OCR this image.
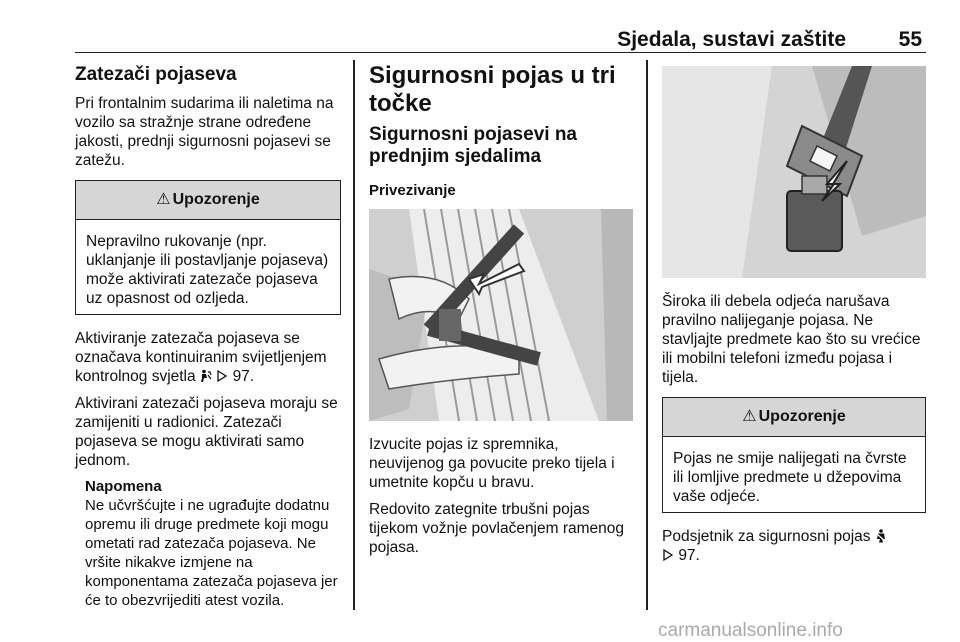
Sjedala, sustavi zaštite	55
Zatezači pojaseva

Pri frontalnim sudarima ili naletima na vozilo sa stražnje strane određene jakosti, prednji sigurnosni pojasevi se zatežu.

⚠ Upozorenje

Nepravilno rukovanje (npr. uklanjanje ili postavljanje pojaseva) može aktivirati zatezače pojaseva uz opasnost od ozljeda.

Aktiviranje zatezača pojaseva se označava kontinuiranim svijetljenjem kontrolnog svjetla 97.

Aktivirani zatezači pojaseva moraju se zamijeniti u radionici. Zatezači pojaseva se mogu aktivirati samo jednom.

Napomena

Ne učvršćujte i ne ugrađujte dodatnu opremu ili druge predmete koji mogu ometati rad zatezača pojaseva. Ne vršite nikakve izmjene na komponentama zatezača pojaseva jer će to obezvrijediti atest vozila.

Sigurnosni pojas u tri točke
Sigurnosni pojasevi na prednjim sjedalima
Privezivanje

Izvucite pojas iz spremnika, neuvijenog ga povucite preko tijela i umetnite kopču u bravu.

Redovito zategnite trbušni pojas tijekom vožnje povlačenjem ramenog pojasa.

Široka ili debela odjeća narušava pravilno nalijeganje pojasa. Ne stavljajte predmete kao što su vrećice ili mobilni telefoni između pojasa i tijela.

⚠ Upozorenje

Pojas ne smije nalijegati na čvrste ili lomljive predmete u džepovima vaše odjeće.

Podsjetnik za sigurnosni pojas
97.

carmanualsonline.info
